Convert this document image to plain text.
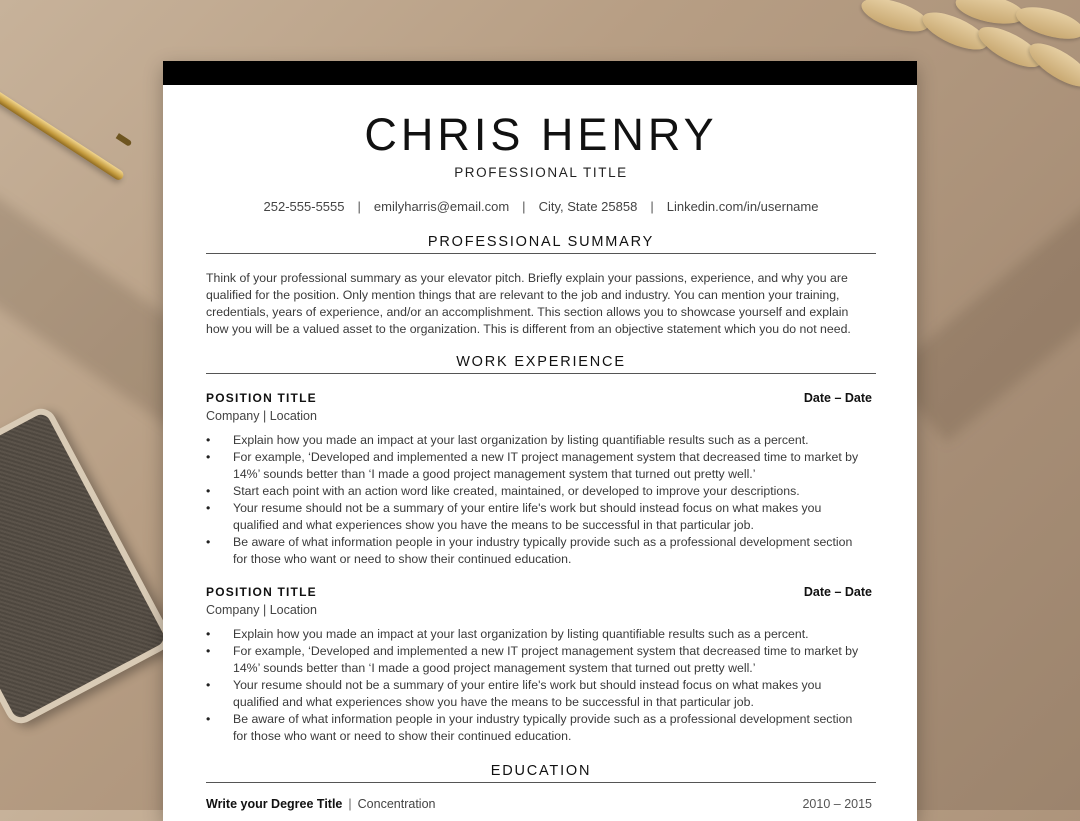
CHRIS HENRY
PROFESSIONAL TITLE
252-555-5555 | emilyharris@email.com | City, State 25858 | Linkedin.com/in/username
PROFESSIONAL SUMMARY

Think of your professional summary as your elevator pitch. Briefly explain your passions, experience, and why you are qualified for the position. Only mention things that are relevant to the job and industry. You can mention your training, credentials, years of experience, and/or an accomplishment. This section allows you to showcase yourself and explain how you will be a valued asset to the organization. This is different from an objective statement which you do not need.

WORK EXPERIENCE
POSITION TITLE	Date – Date
Company | Location
• Explain how you made an impact at your last organization by listing quantifiable results such as a percent.
• For example, ‘Developed and implemented a new IT project management system that decreased time to market by 14%’ sounds better than ‘I made a good project management system that turned out pretty well.’
• Start each point with an action word like created, maintained, or developed to improve your descriptions.
• Your resume should not be a summary of your entire life's work but should instead focus on what makes you qualified and what experiences show you have the means to be successful in that particular job.
• Be aware of what information people in your industry typically provide such as a professional development section for those who want or need to show their continued education.
POSITION TITLE	Date – Date
Company | Location
• Explain how you made an impact at your last organization by listing quantifiable results such as a percent.
• For example, ‘Developed and implemented a new IT project management system that decreased time to market by 14%’ sounds better than ‘I made a good project management system that turned out pretty well.’
• Your resume should not be a summary of your entire life's work but should instead focus on what makes you qualified and what experiences show you have the means to be successful in that particular job.
• Be aware of what information people in your industry typically provide such as a professional development section for those who want or need to show their continued education.
EDUCATION
Write your Degree Title | Concentration	2010 – 2015
